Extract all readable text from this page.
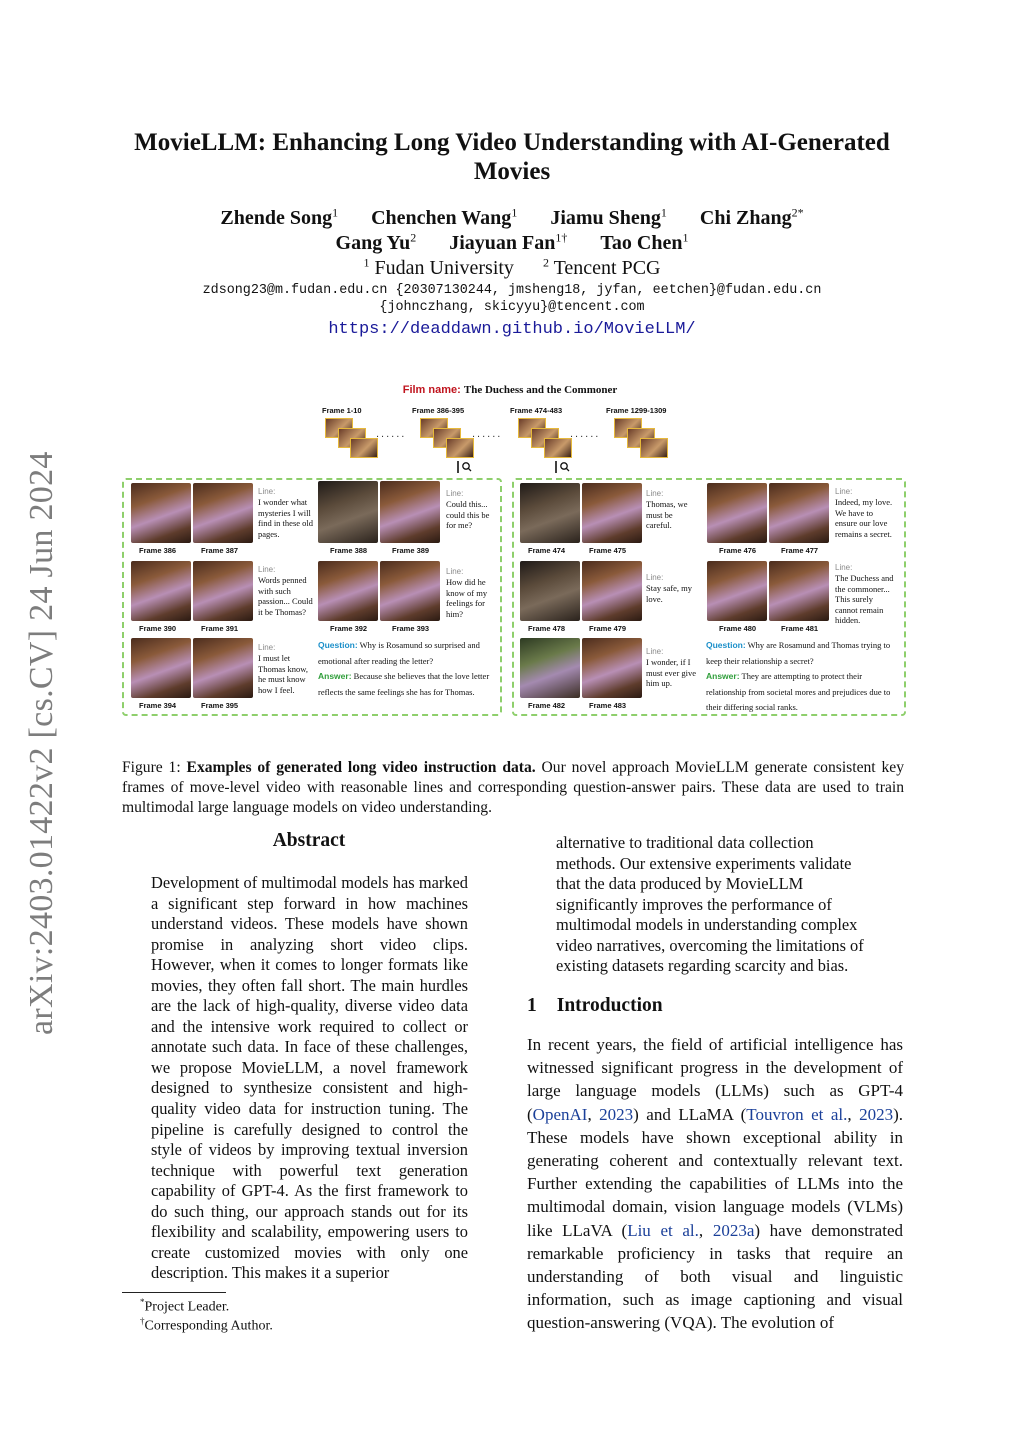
arXiv:2403.01422v2 [cs.CV] 24 Jun 2024
MovieLLM: Enhancing Long Video Understanding with AI-Generated
Movies
Zhende Song$^1$ Chenchen Wang$^1$ Jiamu Sheng$^1$ Chi Zhang$^{2*}$
Gang Yu$^2$ Jiayuan Fan$^{1\dagger}$ Tao Chen$^1$
$^1$ Fudan University $^2$ Tencent PCG
zdsong23@m.fudan.edu.cn {20307130244, jmsheng18, jyfan, eetchen}@fudan.edu.cn
{johnczhang, skicyyu}@tencent.com
https://deaddawn.github.io/MovieLLM/
Film name: The Duchess and the Commoner
Frame 1-10	Frame 386-395	Frame 474-483	Frame 1299-1309
......	......	......
Frame 386	Frame 387
Line:
I wonder what mysteries I will find in these old pages.
Frame 388	Frame 389
Line:
Could this... could this be for me?
Frame 390	Frame 391
Line:
Words penned with such passion... Could it be Thomas?
Frame 392	Frame 393
Line:
How did he know of my feelings for him?
Frame 394	Frame 395
Line:
I must let Thomas know, he must know how I feel.
Question: Why is Rosamund so surprised and emotional after reading the letter?
Answer: Because she believes that the love letter reflects the same feelings she has for Thomas.
Frame 474	Frame 475
Line:
Thomas, we must be careful.
Frame 476	Frame 477
Line:
Indeed, my love. We have to ensure our love remains a secret.
Frame 478	Frame 479
Line:
Stay safe, my love.
Frame 480	Frame 481
Line:
The Duchess and the commoner... This surely cannot remain hidden.
Frame 482	Frame 483
Line:
I wonder, if I must ever give him up.
Question: Why are Rosamund and Thomas trying to keep their relationship a secret?
Answer: They are attempting to protect their relationship from societal mores and prejudices due to their differing social ranks.
Figure 1: Examples of generated long video instruction data. Our novel approach MovieLLM generate consistent key frames of move-level video with reasonable lines and corresponding question-answer pairs. These data are used to train multimodal large language models on video understanding.
Abstract
Development of multimodal models has marked a significant step forward in how machines understand videos. These models have shown promise in analyzing short video clips. However, when it comes to longer formats like movies, they often fall short. The main hurdles are the lack of high-quality, diverse video data and the intensive work required to collect or annotate such data. In face of these challenges, we propose MovieLLM, a novel framework designed to synthesize consistent and high-quality video data for instruction tuning. The pipeline is carefully designed to control the style of videos by improving textual inversion technique with powerful text generation capability of GPT-4. As the first framework to do such thing, our approach stands out for its flexibility and scalability, empowering users to create customized movies with only one description. This makes it a superior
alternative to traditional data collection methods. Our extensive experiments validate that the data produced by MovieLLM significantly improves the performance of multimodal models in understanding complex video narratives, overcoming the limitations of existing datasets regarding scarcity and bias.
1 Introduction
In recent years, the field of artificial intelligence has witnessed significant progress in the development of large language models (LLMs) such as GPT-4 (OpenAI, 2023) and LLaMA (Touvron et al., 2023). These models have shown exceptional ability in generating coherent and contextually relevant text. Further extending the capabilities of LLMs into the multimodal domain, vision language models (VLMs) like LLaVA (Liu et al., 2023a) have demonstrated remarkable proficiency in tasks that require an understanding of both visual and linguistic information, such as image captioning and visual question-answering (VQA). The evolution of
*Project Leader.
†Corresponding Author.
